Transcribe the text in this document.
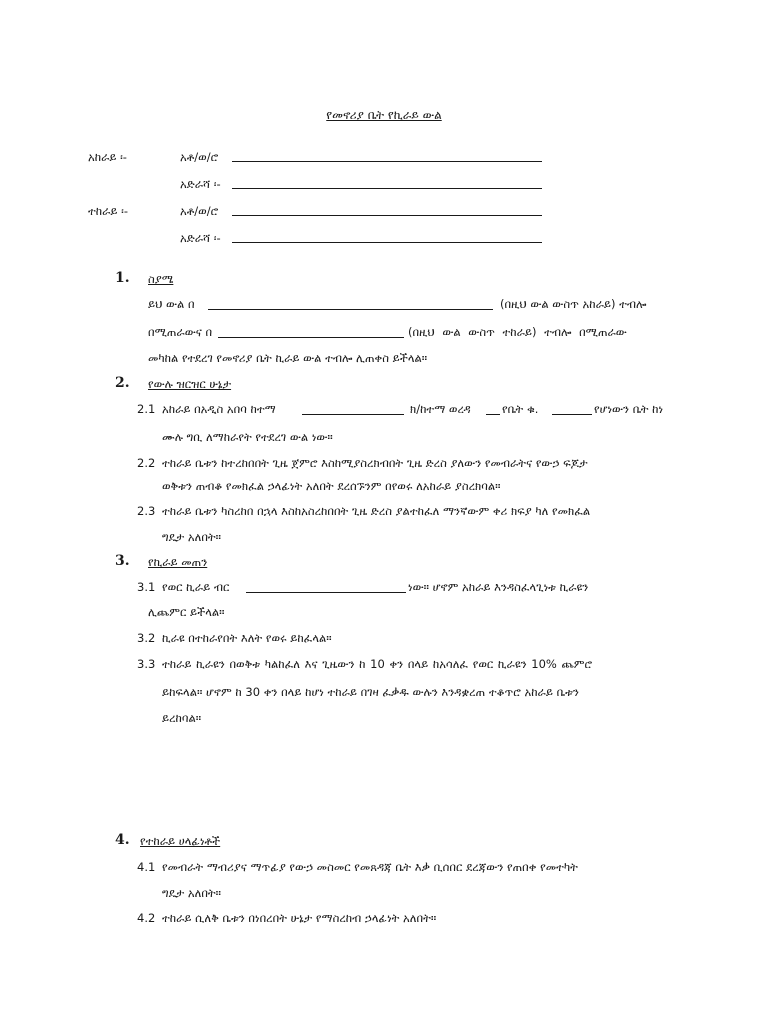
የመኖሪያ ቤት የኪራይ ውል
አከራይ ፡-	አቶ/ወ/ሮ
አድራሻ ፡-
ተከራይ ፡-	አቶ/ወ/ሮ
አድራሻ ፡-
1. ስያሜ
ይህ ውል በ	(በዚህ ውል ውስጥ አከራይ) ተብሎ
በሚጠራውና በ	(በዚህ ውል ውስጥ ተከራይ) ተብሎ በሚጠራው
መካከል የተደረገ የመኖሪያ ቤት ኪራይ ውል ተብሎ ሊጠቀስ ይችላል።
2. የውሉ ዝርዝር ሁኔታ
2.1 አከራይ በአዲስ አበባ ከተማ	ክ/ከተማ ወረዳ	የቤት ቁ.	የሆነውን ቤት ከነ
ሙሉ ግቢ ለማከራየት የተደረገ ውል ነው።
2.2 ተከራይ ቤቱን ከተረከበበት ጊዜ ጀምሮ እስከሚያስረክብበት ጊዜ ድረስ ያለውን የመብራትና የውኃ ፍጆታ
ወቅቱን ጠብቆ የመክፈል ኃላፊነት አለበት ደረሰኙንም በየወሩ ለአከራይ ያስረክባል።
2.3 ተከራይ ቤቱን ካስረከበ በኋላ እስከአስረከበበት ጊዜ ድረስ ያልተከፈለ ማንኛውም ቀሪ ክፍያ ካለ የመክፈል
ግዴታ አለበት።
3. የኪራይ መጠን
3.1 የወር ኪራይ ብር	ነው። ሆኖም አከራይ እንዳስፈላጊነቱ ኪራዩን
ሊጨምር ይችላል።
3.2 ኪራዩ በተከራየበት እለት የወሩ ይከፈላል።
3.3 ተከራይ ኪራዩን በወቅቱ ካልከፈለ እና ጊዜውን ከ 10 ቀን በላይ ከአሳለፈ የወር ኪራዩን 10% ጨምሮ
ይከፍላል። ሆኖም ከ 30 ቀን በላይ ከሆነ ተከራይ በገዛ ፈቃዱ ውሉን እንዳቋረጠ ተቆጥሮ አከራይ ቤቱን
ይረከባል።
4. የተከራይ ሀላፊነቶች
4.1 የመብራት ማብሪያና ማጥፊያ የውኃ መስመር የመጸዳጃ ቤት እቃ ቢሰበር ደረጃውን የጠበቀ የመተካት
ግዴታ አለበት።
4.2 ተከራይ ሲለቅ ቤቱን በነበረበት ሁኔታ የማስረከብ ኃላፊነት አለበት።
